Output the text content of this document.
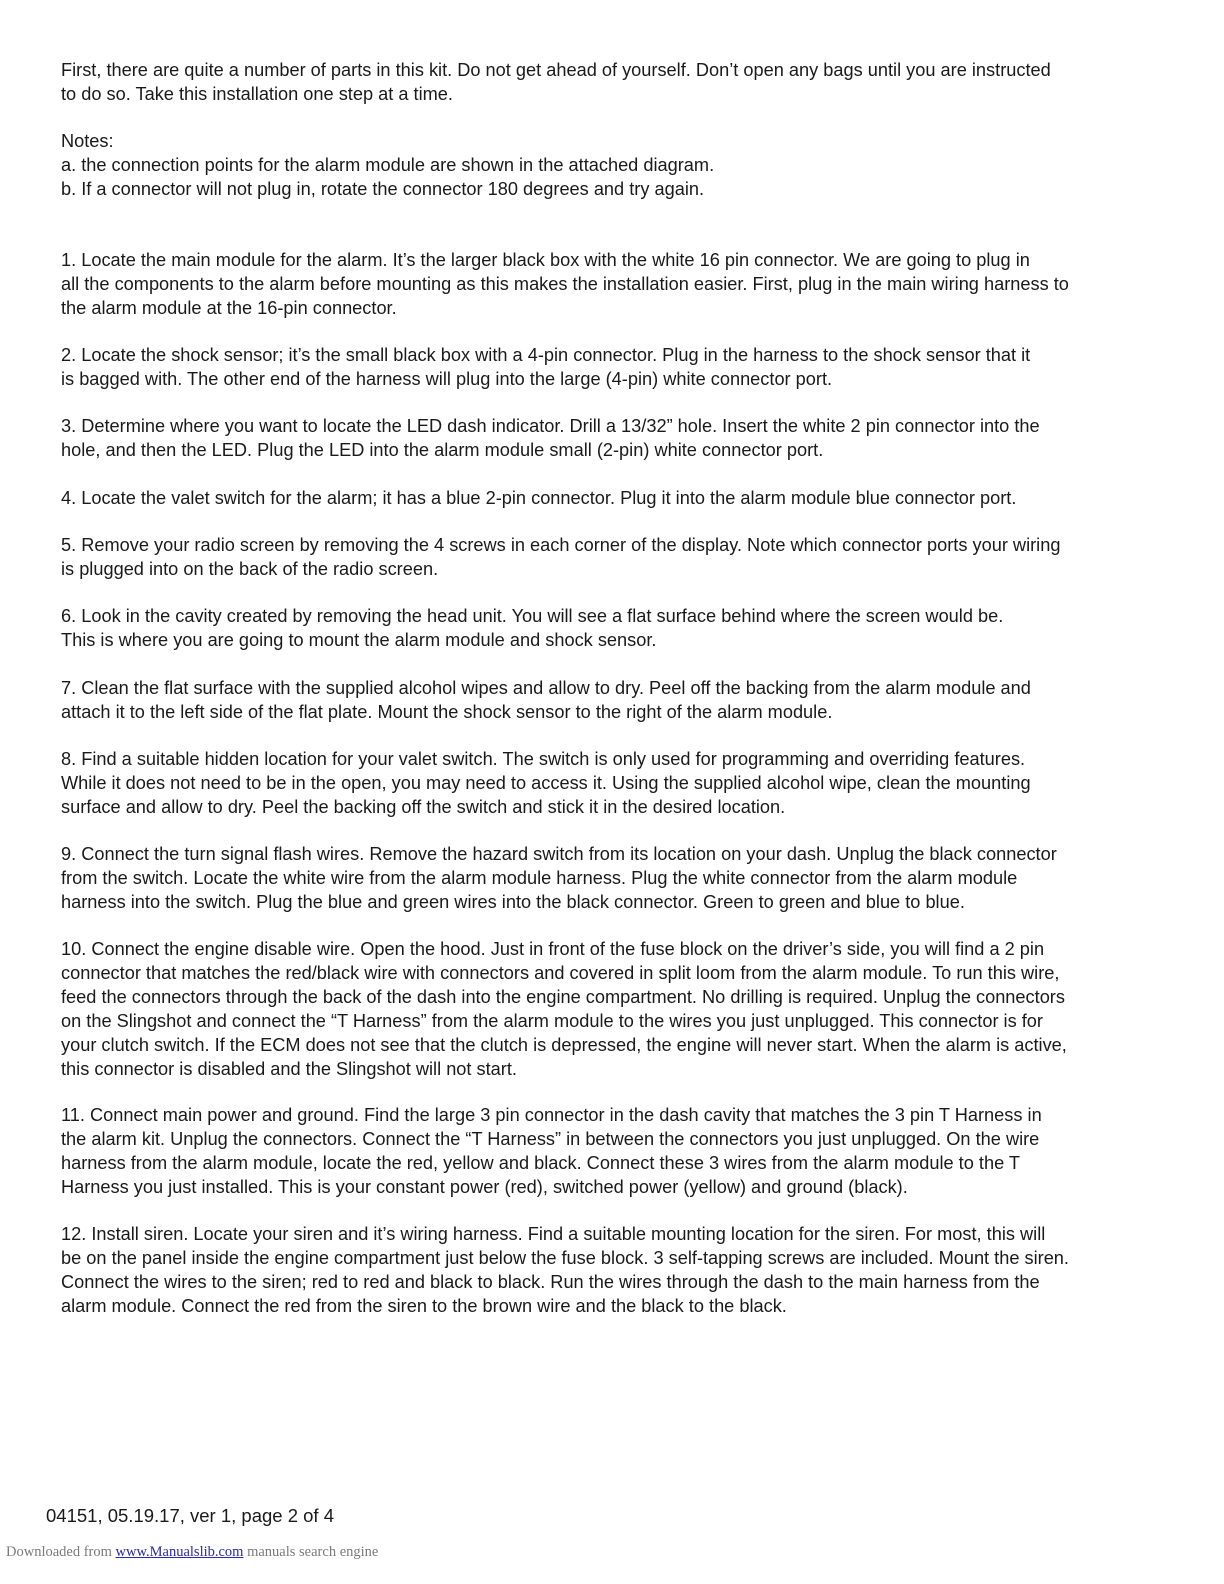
First, there are quite a number of parts in this kit. Do not get ahead of yourself. Don’t open any bags until you are instructed
to do so. Take this installation one step at a time.

Notes:

a. the connection points for the alarm module are shown in the attached diagram.

b. If a connector will not plug in, rotate the connector 180 degrees and try again.

1. Locate the main module for the alarm. It’s the larger black box with the white 16 pin connector. We are going to plug in
all the components to the alarm before mounting as this makes the installation easier. First, plug in the main wiring harness to
the alarm module at the 16-pin connector.

2. Locate the shock sensor; it’s the small black box with a 4-pin connector. Plug in the harness to the shock sensor that it
is bagged with. The other end of the harness will plug into the large (4-pin) white connector port.

3. Determine where you want to locate the LED dash indicator. Drill a 13/32” hole. Insert the white 2 pin connector into the
hole, and then the LED. Plug the LED into the alarm module small (2-pin) white connector port.

4. Locate the valet switch for the alarm; it has a blue 2-pin connector. Plug it into the alarm module blue connector port.

5. Remove your radio screen by removing the 4 screws in each corner of the display. Note which connector ports your wiring
is plugged into on the back of the radio screen.

6. Look in the cavity created by removing the head unit. You will see a flat surface behind where the screen would be.
This is where you are going to mount the alarm module and shock sensor.

7. Clean the flat surface with the supplied alcohol wipes and allow to dry. Peel off the backing from the alarm module and
attach it to the left side of the flat plate. Mount the shock sensor to the right of the alarm module.

8. Find a suitable hidden location for your valet switch. The switch is only used for programming and overriding features.
While it does not need to be in the open, you may need to access it. Using the supplied alcohol wipe, clean the mounting
surface and allow to dry. Peel the backing off the switch and stick it in the desired location.

9. Connect the turn signal flash wires. Remove the hazard switch from its location on your dash. Unplug the black connector
from the switch. Locate the white wire from the alarm module harness. Plug the white connector from the alarm module
harness into the switch. Plug the blue and green wires into the black connector. Green to green and blue to blue.

10. Connect the engine disable wire. Open the hood. Just in front of the fuse block on the driver’s side, you will find a 2 pin
connector that matches the red/black wire with connectors and covered in split loom from the alarm module. To run this wire,
feed the connectors through the back of the dash into the engine compartment. No drilling is required. Unplug the connectors
on the Slingshot and connect the “T Harness” from the alarm module to the wires you just unplugged. This connector is for
your clutch switch. If the ECM does not see that the clutch is depressed, the engine will never start. When the alarm is active,
this connector is disabled and the Slingshot will not start.

11. Connect main power and ground. Find the large 3 pin connector in the dash cavity that matches the 3 pin T Harness in
the alarm kit. Unplug the connectors. Connect the “T Harness” in between the connectors you just unplugged. On the wire
harness from the alarm module, locate the red, yellow and black. Connect these 3 wires from the alarm module to the T
Harness you just installed. This is your constant power (red), switched power (yellow) and ground (black).

12. Install siren. Locate your siren and it’s wiring harness. Find a suitable mounting location for the siren. For most, this will
be on the panel inside the engine compartment just below the fuse block. 3 self-tapping screws are included. Mount the siren.
Connect the wires to the siren; red to red and black to black. Run the wires through the dash to the main harness from the
alarm module. Connect the red from the siren to the brown wire and the black to the black.

04151, 05.19.17, ver 1, page 2 of 4

Downloaded from www.Manualslib.com manuals search engine
